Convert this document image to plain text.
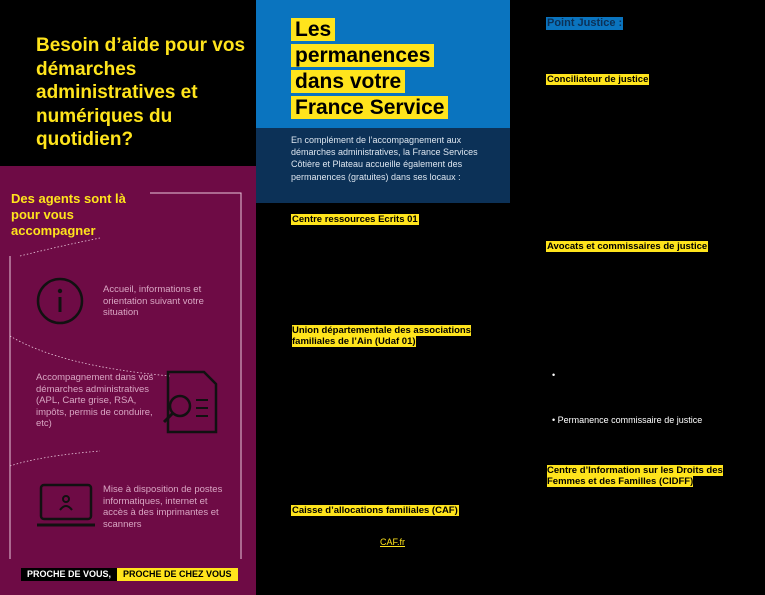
Besoin d’aide pour vos démarches administratives et numériques du quotidien?
Des agents sont là pour vous accompagner
Accueil, informations et orientation suivant votre situation
Accompagnement dans vos démarches administratives (APL, Carte grise, RSA, impôts, permis de conduire, etc)
Mise à disposition de postes informatiques, internet et accès à des imprimantes et scanners
PROCHE DE VOUS,	PROCHE DE CHEZ VOUS
Les
permanences
dans votre
France Service
En complément de l’accompagnement aux démarches administratives, la France Services Côtière et Plateau accueille également des permanences (gratuites) dans ses locaux :
Centre ressources Ecrits 01
Union départementale des associations familiales de l’Ain (Udaf 01)
Caisse d’allocations familiales (CAF)
CAF.fr
Point Justice :
Conciliateur de justice
Avocats et commissaires de justice
•
• Permanence commissaire de justice
Centre d’Information sur les Droits des Femmes et des Familles (CIDFF)
